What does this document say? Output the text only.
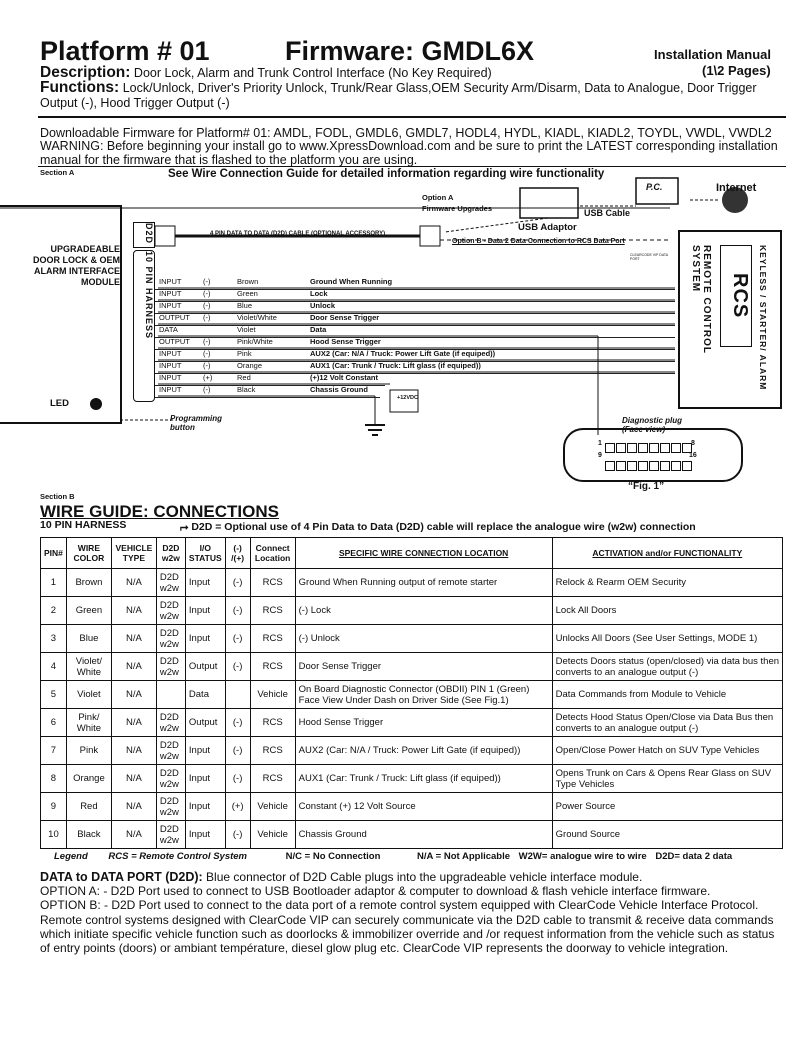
Platform # 01	Firmware: GMDL6X	Installation Manual
(1\2 Pages)
Description: Door Lock, Alarm and Trunk Control Interface (No Key Required)
Functions: Lock/Unlock, Driver's Priority Unlock, Trunk/Rear Glass,OEM Security Arm/Disarm, Data to Analogue, Door Trigger Output (-), Hood Trigger Output (-)
Downloadable Firmware for Platform# 01: AMDL, FODL, GMDL6, GMDL7, HODL4, HYDL, KIADL, KIADL2, TOYDL, VWDL, VWDL2
WARNING: Before beginning your install go to www.XpressDownload.com and be sure to print the LATEST corresponding installation manual for the firmware that is flashed to the platform you are using.
Section A	See Wire Connection Guide for detailed information regarding wire functionality
Option A
Firmware Upgrades
Internet
P.C.
USB Cable
USB Adaptor
Option B - Data 2 Data Connection to RCS Data Port
4 PIN DATA TO DATA (D2D) CABLE (OPTIONAL ACCESSORY)
UPGRADEABLE DOOR LOCK & OEM ALARM INTERFACE MODULE
D2D
10 PIN HARNESS
LED
Programming button
INPUT	(-)	Brown	Ground When Running
INPUT	(-)	Green	Lock
INPUT	(-)	Blue	Unlock
OUTPUT (-)	Violet/White	Door Sense Trigger
DATA	Violet	Data
OUTPUT (-)	Pink/White	Hood Sense Trigger
INPUT	(-)	Pink	AUX2 (Car: N/A / Truck: Power Lift Gate (if equiped))
INPUT	(-)	Orange	AUX1 (Car: Trunk / Truck: Lift glass (if equiped))
INPUT	(+)	Red	(+)12 Volt Constant
INPUT	(-)	Black	Chassis Ground
+12VDC
REMOTE CONTROL SYSTEM
RCS KEYLESS / STARTER/ ALARM
CLEARCODE VIP DATA PORT
Diagnostic plug (Face view)
1	8
9	16
“Fig. 1”
Section B
WIRE GUIDE: CONNECTIONS
10 PIN HARNESS	⮣ D2D = Optional use of 4 Pin Data to Data (D2D) cable will replace the analogue wire (w2w) connection
PIN#	WIRE COLOR	VEHICLE TYPE	D2D w2w	I/O STATUS	(-) /(+)	Connect Location	SPECIFIC WIRE CONNECTION LOCATION	ACTIVATION and/or FUNCTIONALITY
1	Brown	N/A	D2D w2w	Input	(-)	RCS	Ground When Running output of remote starter	Relock & Rearm OEM Security
2	Green	N/A	D2D w2w	Input	(-)	RCS	(-) Lock	Lock All Doors
3	Blue	N/A	D2D w2w	Input	(-)	RCS	(-) Unlock	Unlocks All Doors (See User Settings, MODE 1)
4	Violet/ White	N/A	D2D w2w	Output	(-)	RCS	Door Sense Trigger	Detects Doors status (open/closed) via data bus then converts to an analogue output (-)
5	Violet	N/A		Data		Vehicle	On Board Diagnostic Connector (OBDII) PIN 1 (Green) Face View Under Dash on Driver Side (See Fig.1)	Data Commands from Module to Vehicle
6	Pink/ White	N/A	D2D w2w	Output	(-)	RCS	Hood Sense Trigger	Detects Hood Status Open/Close via Data Bus then converts to an analogue output (-)
7	Pink	N/A	D2D w2w	Input	(-)	RCS	AUX2 (Car: N/A / Truck: Power Lift Gate (if equiped))	Open/Close Power Hatch on SUV Type Vehicles
8	Orange	N/A	D2D w2w	Input	(-)	RCS	AUX1 (Car: Trunk / Truck: Lift glass (if equiped))	Opens Trunk on Cars & Opens Rear Glass on SUV Type Vehicles
9	Red	N/A	D2D w2w	Input	(+)	Vehicle	Constant (+) 12 Volt Source	Power Source
10	Black	N/A	D2D w2w	Input	(-)	Vehicle	Chassis Ground	Ground Source
Legend RCS = Remote Control System	N/C = No Connection	N/A = Not Applicable W2W= analogue wire to wire D2D= data 2 data
DATA to DATA PORT (D2D): Blue connector of D2D Cable plugs into the upgradeable vehicle interface module.
OPTION A: - D2D Port used to connect to USB Bootloader adaptor & computer to download & flash vehicle interface firmware.
OPTION B: - D2D Port used to connect to the data port of a remote control system equipped with ClearCode Vehicle Interface Protocol. Remote control systems designed with ClearCode VIP can securely communicate via the D2D cable to transmit & receive data commands which initiate specific vehicle function such as doorlocks & immobilizer override and /or request information from the vehicle such as status of entry points (doors) or ambiant température, diesel glow plug etc. ClearCode VIP represents the doorway to vehicle integration.
